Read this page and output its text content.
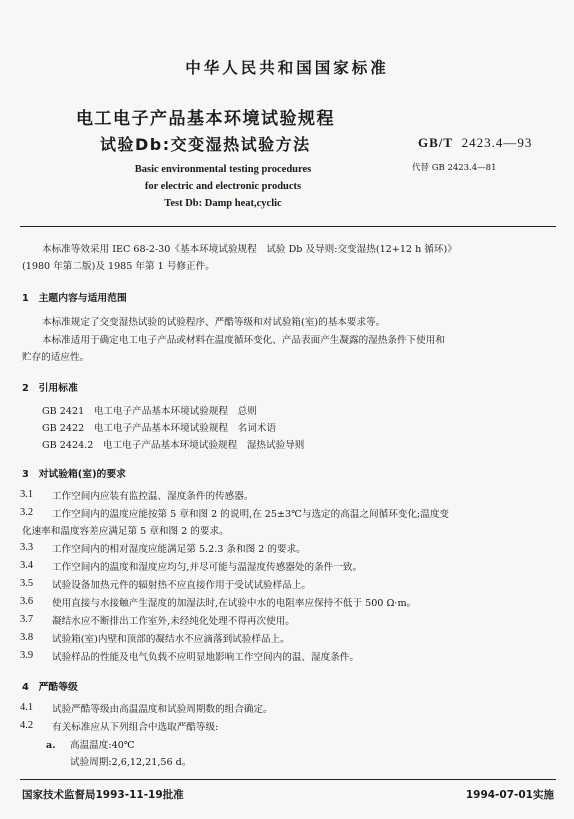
中华人民共和国国家标准
电工电子产品基本环境试验规程
试验Db:交变湿热试验方法	GB/T 2423.4—93
Basic environmental testing procedures
for electric and electronic products
Test Db: Damp heat,cyclic
代替 GB 2423.4—81
本标准等效采用 IEC 68-2-30《基本环境试验规程　试验 Db 及导则:交变湿热(12+12 h 循环)》
(1980 年第二版)及 1985 年第 1 号修正件。
1　主题内容与适用范围
本标准规定了交变湿热试验的试验程序、严酷等级和对试验箱(室)的基本要求等。
本标准适用于确定电工电子产品或材料在温度循环变化、产品表面产生凝露的湿热条件下使用和
贮存的适应性。
2　引用标准
GB 2421　电工电子产品基本环境试验规程　总则
GB 2422　电工电子产品基本环境试验规程　名词术语
GB 2424.2　电工电子产品基本环境试验规程　湿热试验导则
3　对试验箱(室)的要求
3.1 工作空间内应装有监控温、湿度条件的传感器。
3.2 工作空间内的温度应能按第 5 章和图 2 的说明,在 25±3℃与选定的高温之间循环变化;温度变
化速率和温度容差应满足第 5 章和图 2 的要求。
3.3 工作空间内的相对湿度应能满足第 5.2.3 条和图 2 的要求。
3.4 工作空间内的温度和湿度应均匀,并尽可能与温湿度传感器处的条件一致。
3.5 试验设备加热元件的辐射热不应直接作用于受试试验样品上。
3.6 使用直接与水接触产生湿度的加湿法时,在试验中水的电阻率应保持不低于 500 Ω·m。
3.7 凝结水应不断排出工作室外,未经纯化处理不得再次使用。
3.8 试验箱(室)内壁和顶部的凝结水不应滴落到试验样品上。
3.9 试验样品的性能及电气负载不应明显地影响工作空间内的温、湿度条件。
4　严酷等级
4.1 试验严酷等级由高温温度和试验周期数的组合确定。
4.2 有关标准应从下列组合中选取严酷等级:
a. 高温温度:40℃
试验周期:2,6,12,21,56 d。
国家技术监督局1993-11-19批准	1994-07-01实施
